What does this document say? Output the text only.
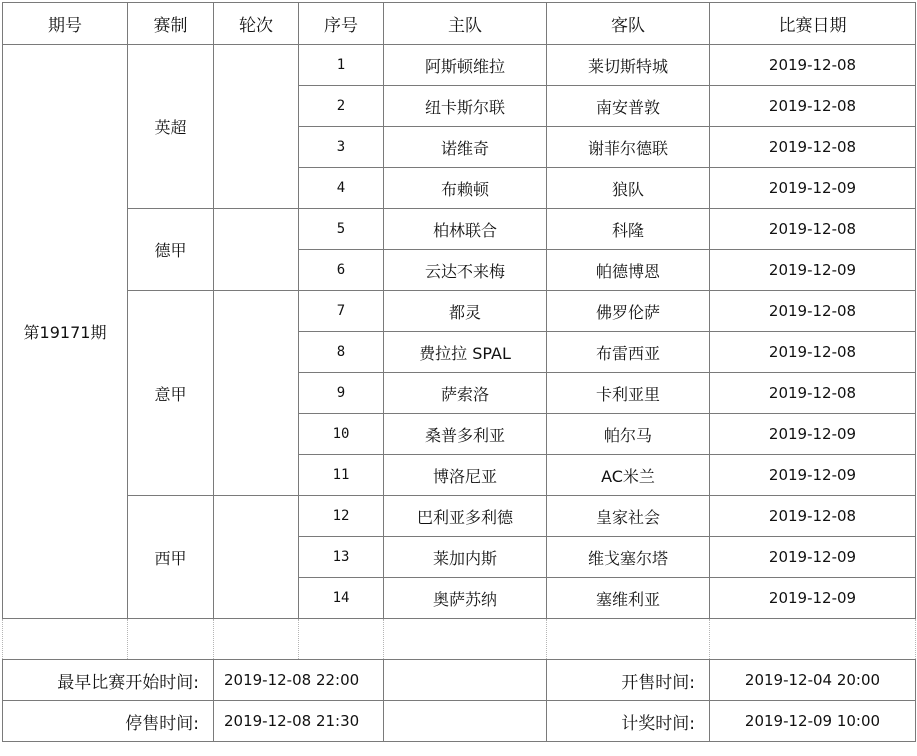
期号	赛制	轮次	序号	主队	客队	比赛日期
第19171期	英超		1	阿斯顿维拉	莱切斯特城	2019-12-08
			2	纽卡斯尔联	南安普敦	2019-12-08
			3	诺维奇	谢菲尔德联	2019-12-08
			4	布赖顿	狼队	2019-12-09
	德甲		5	柏林联合	科隆	2019-12-08
			6	云达不来梅	帕德博恩	2019-12-09
	意甲		7	都灵	佛罗伦萨	2019-12-08
			8	费拉拉 SPAL	布雷西亚	2019-12-08
			9	萨索洛	卡利亚里	2019-12-08
			10	桑普多利亚	帕尔马	2019-12-09
			11	博洛尼亚	AC米兰	2019-12-09
	西甲		12	巴利亚多利德	皇家社会	2019-12-08
			13	莱加内斯	维戈塞尔塔	2019-12-09
			14	奥萨苏纳	塞维利亚	2019-12-09

最早比赛开始时间:		2019-12-08 22:00			开售时间:	2019-12-04 20:00
停售时间:		2019-12-08 21:30			计奖时间:	2019-12-09 10:00
